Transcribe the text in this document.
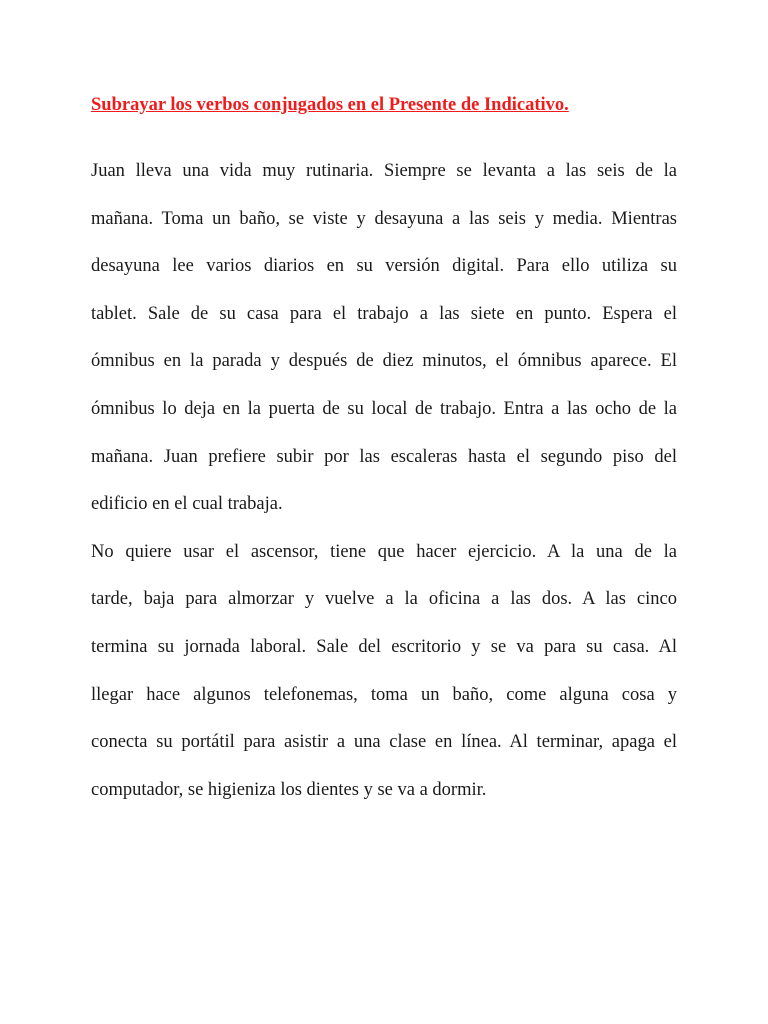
Subrayar los verbos conjugados en el Presente de Indicativo.
Juan lleva una vida muy rutinaria. Siempre se levanta a las seis de la
mañana. Toma un baño, se viste y desayuna a las seis y media. Mientras
desayuna lee varios diarios en su versión digital. Para ello utiliza su
tablet. Sale de su casa para el trabajo a las siete en punto. Espera el
ómnibus en la parada y después de diez minutos, el ómnibus aparece. El
ómnibus lo deja en la puerta de su local de trabajo. Entra a las ocho de la
mañana. Juan prefiere subir por las escaleras hasta el segundo piso del
edificio en el cual trabaja.
No quiere usar el ascensor, tiene que hacer ejercicio. A la una de la
tarde, baja para almorzar y vuelve a la oficina a las dos. A las cinco
termina su jornada laboral. Sale del escritorio y se va para su casa. Al
llegar hace algunos telefonemas, toma un baño, come alguna cosa y
conecta su portátil para asistir a una clase en línea. Al terminar, apaga el
computador, se higieniza los dientes y se va a dormir.
